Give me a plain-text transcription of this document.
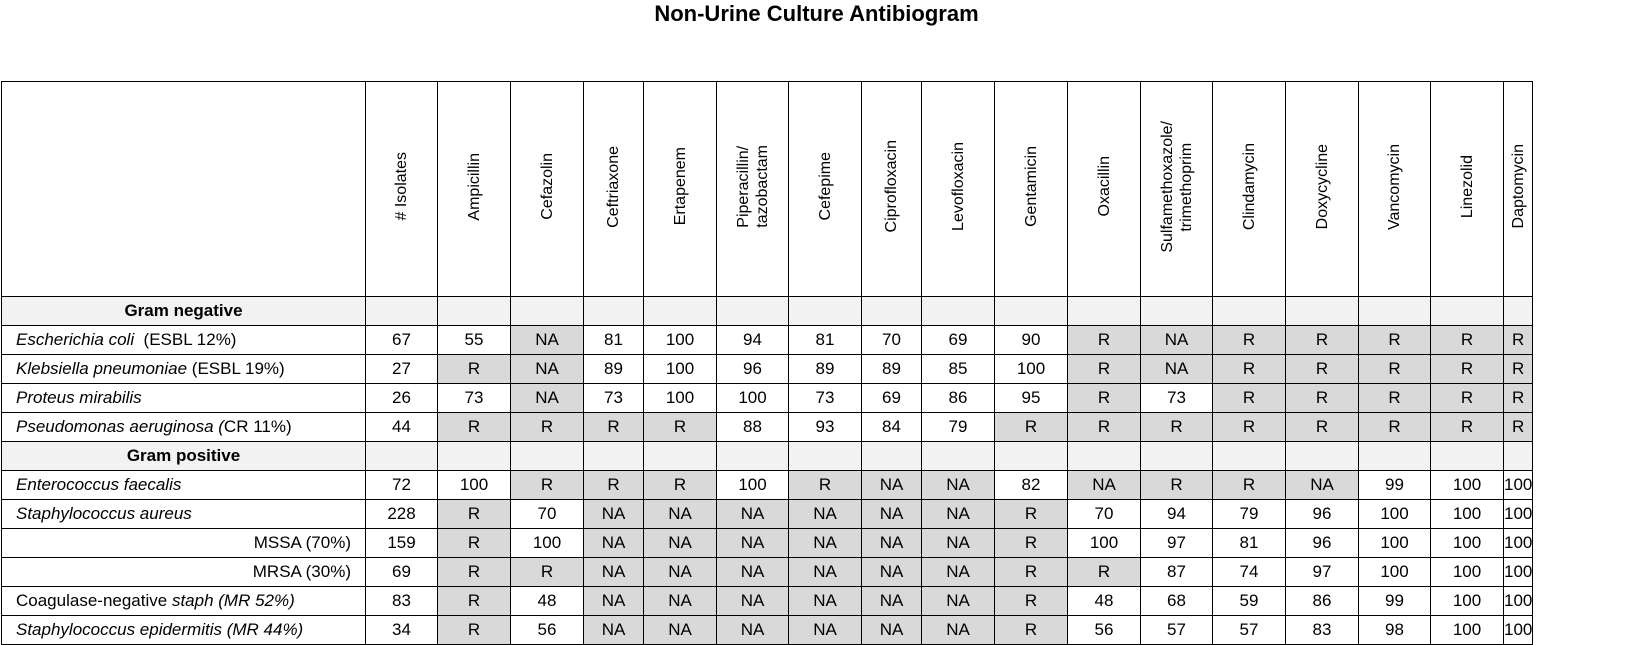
Non-Urine Culture Antibiogram
	# Isolates	Ampicillin	Cefazolin	Ceftriaxone	Ertapenem	Piperacillin/ tazobactam	Cefepime	Ciprofloxacin	Levofloxacin	Gentamicin	Oxacillin	Sulfamethoxazole/ trimethoprim	Clindamycin	Doxycycline	Vancomycin	Linezolid	Daptomycin
Gram negative																	
Escherichia coli  (ESBL 12%)	67	55	NA	81	100	94	81	70	69	90	R	NA	R	R	R	R	R
Klebsiella pneumoniae (ESBL 19%)	27	R	NA	89	100	96	89	89	85	100	R	NA	R	R	R	R	R
Proteus mirabilis	26	73	NA	73	100	100	73	69	86	95	R	73	R	R	R	R	R
Pseudomonas aeruginosa (CR 11%)	44	R	R	R	R	88	93	84	79	R	R	R	R	R	R	R	R
Gram positive																	
Enterococcus faecalis	72	100	R	R	R	100	R	NA	NA	82	NA	R	R	NA	99	100	100
Staphylococcus aureus	228	R	70	NA	NA	NA	NA	NA	NA	R	70	94	79	96	100	100	100
MSSA (70%)	159	R	100	NA	NA	NA	NA	NA	NA	R	100	97	81	96	100	100	100
MRSA (30%)	69	R	R	NA	NA	NA	NA	NA	NA	R	R	87	74	97	100	100	100
Coagulase-negative staph (MR 52%)	83	R	48	NA	NA	NA	NA	NA	NA	R	48	68	59	86	99	100	100
Staphylococcus epidermitis (MR 44%)	34	R	56	NA	NA	NA	NA	NA	NA	R	56	57	57	83	98	100	100
